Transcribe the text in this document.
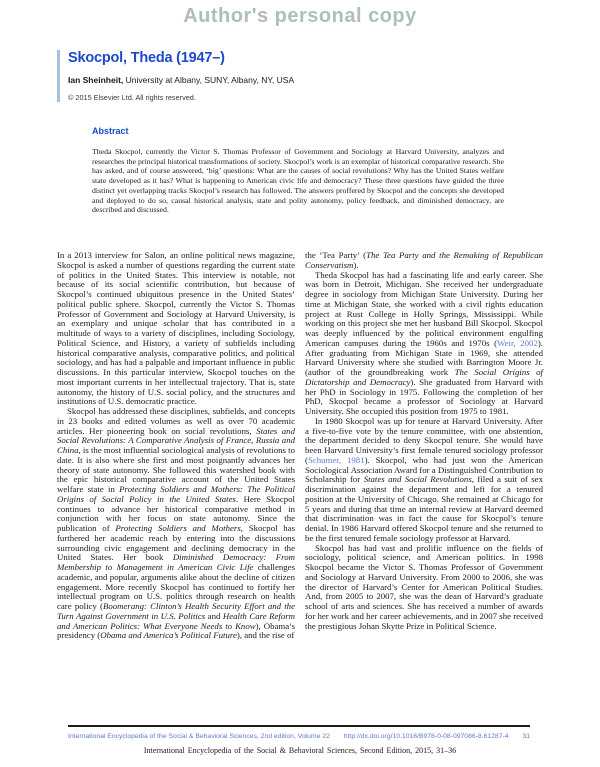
Author's personal copy
Skocpol, Theda (1947–)

Ian Sheinheit, University at Albany, SUNY, Albany, NY, USA

© 2015 Elsevier Ltd. All rights reserved.

Abstract

Theda Skocpol, currently the Victor S. Thomas Professor of Government and Sociology at Harvard University, analyzes and researches the principal historical transformations of society. Skocpol’s work is an exemplar of historical comparative research. She has asked, and of course answered, ‘big’ questions: What are the causes of social revolutions? Why has the United States welfare state developed as it has? What is happening to American civic life and democracy? These three questions have guided the three distinct yet overlapping tracks Skocpol’s research has followed. The answers proffered by Skocpol and the concepts she developed and deployed to do so, causal historical analysis, state and polity autonomy, policy feedback, and diminished democracy, are described and discussed.

In a 2013 interview for Salon, an online political news magazine, Skocpol is asked a number of questions regarding the current state of politics in the United States. This interview is notable, not because of its social scientific contribution, but because of Skocpol’s continued ubiquitous presence in the United States’ political public sphere. Skocpol, currently the Victor S. Thomas Professor of Government and Sociology at Harvard University, is an exemplary and unique scholar that has contributed in a multitude of ways to a variety of disciplines, including Sociology, Political Science, and History, a variety of subfields including historical comparative analysis, comparative politics, and political sociology, and has had a palpable and important influence in public discussions. In this particular interview, Skocpol touches on the most important currents in her intellectual trajectory. That is, state autonomy, the history of U.S. social policy, and the structures and institutions of U.S. democratic practice.

Skocpol has addressed these disciplines, subfields, and concepts in 23 books and edited volumes as well as over 70 academic articles. Her pioneering book on social revolutions, States and Social Revolutions: A Comparative Analysis of France, Russia and China, is the most influential sociological analysis of revolutions to date. It is also where she first and most poignantly advances her theory of state autonomy. She followed this watershed book with the epic historical comparative account of the United States welfare state in Protecting Soldiers and Mothers: The Political Origins of Social Policy in the United States. Here Skocpol continues to advance her historical comparative method in conjunction with her focus on state autonomy. Since the publication of Protecting Soldiers and Mothers, Skocpol has furthered her academic reach by entering into the discussions surrounding civic engagement and declining democracy in the United States. Her book Diminished Democracy: From Membership to Management in American Civic Life challenges academic, and popular, arguments alike about the decline of citizen engagement. More recently Skocpol has continued to fortify her intellectual program on U.S. politics through research on health care policy (Boomerang: Clinton’s Health Security Effort and the Turn Against Government in U.S. Politics and Health Care Reform and American Politics: What Everyone Needs to Know), Obama’s presidency (Obama and America’s Political Future), and the rise of

the ‘Tea Party’ (The Tea Party and the Remaking of Republican Conservatism).

Theda Skocpol has had a fascinating life and early career. She was born in Detroit, Michigan. She received her undergraduate degree in sociology from Michigan State University. During her time at Michigan State, she worked with a civil rights education project at Rust College in Holly Springs, Mississippi. While working on this project she met her husband Bill Skocpol. Skocpol was deeply influenced by the political environment engulfing American campuses during the 1960s and 1970s (Weir, 2002). After graduating from Michigan State in 1969, she attended Harvard University where she studied with Barrington Moore Jr. (author of the groundbreaking work The Social Origins of Dictatorship and Democracy). She graduated from Harvard with her PhD in Sociology in 1975. Following the completion of her PhD, Skocpol became a professor of Sociology at Harvard University. She occupied this position from 1975 to 1981.

In 1980 Skocpol was up for tenure at Harvard University. After a five-to-five vote by the tenure committee, with one abstention, the department decided to deny Skocpol tenure. She would have been Harvard University’s first female tenured sociology professor (Schumer, 1981). Skocpol, who had just won the American Sociological Association Award for a Distinguished Contribution to Scholarship for States and Social Revolutions, filed a suit of sex discrimination against the department and left for a tenured position at the University of Chicago. She remained at Chicago for 5 years and during that time an internal review at Harvard deemed that discrimination was in fact the cause for Skocpol’s tenure denial. In 1986 Harvard offered Skocpol tenure and she returned to be the first tenured female sociology professor at Harvard.

Skocpol has had vast and prolific influence on the fields of sociology, political science, and American politics. In 1998 Skocpol became the Victor S. Thomas Professor of Government and Sociology at Harvard University. From 2000 to 2006, she was the director of Harvard’s Center for American Political Studies. And, from 2005 to 2007, she was the dean of Harvard’s graduate school of arts and sciences. She has received a number of awards for her work and her career achievements, and in 2007 she received the prestigious Johan Skytte Prize in Political Science.

International Encyclopedia of the Social & Behavioral Sciences, 2nd edition, Volume 22 http://dx.doi.org/10.1016/B978-0-08-097086-8.61287-4 31
International Encyclopedia of the Social & Behavioral Sciences, Second Edition, 2015, 31–36
